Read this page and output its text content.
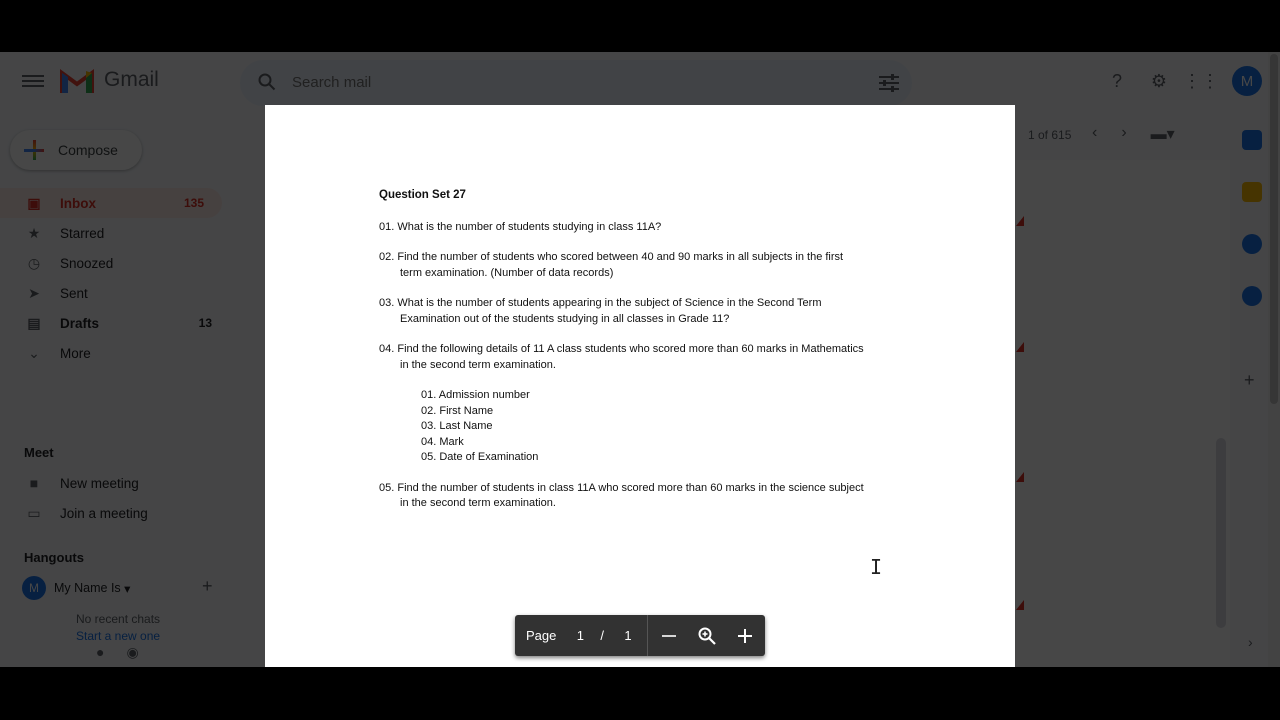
Search mail
Question Set 27
01. What is the number of students studying in class 11A?
02. Find the number of students who scored between 40 and 90 marks in all subjects in the first
term examination. (Number of data records)
03. What is the number of students appearing in the subject of Science in the Second Term
Examination out of the students studying in all classes in Grade 11?
04. Find the following details of 11 A class students who scored more than 60 marks in Mathematics
in the second term examination.
01. Admission number
02. First Name
03. Last Name
04. Mark
05. Date of Examination
05. Find the number of students in class 11A who scored more than 60 marks in the science subject
in the second term examination.
I
Page 1 / 1
